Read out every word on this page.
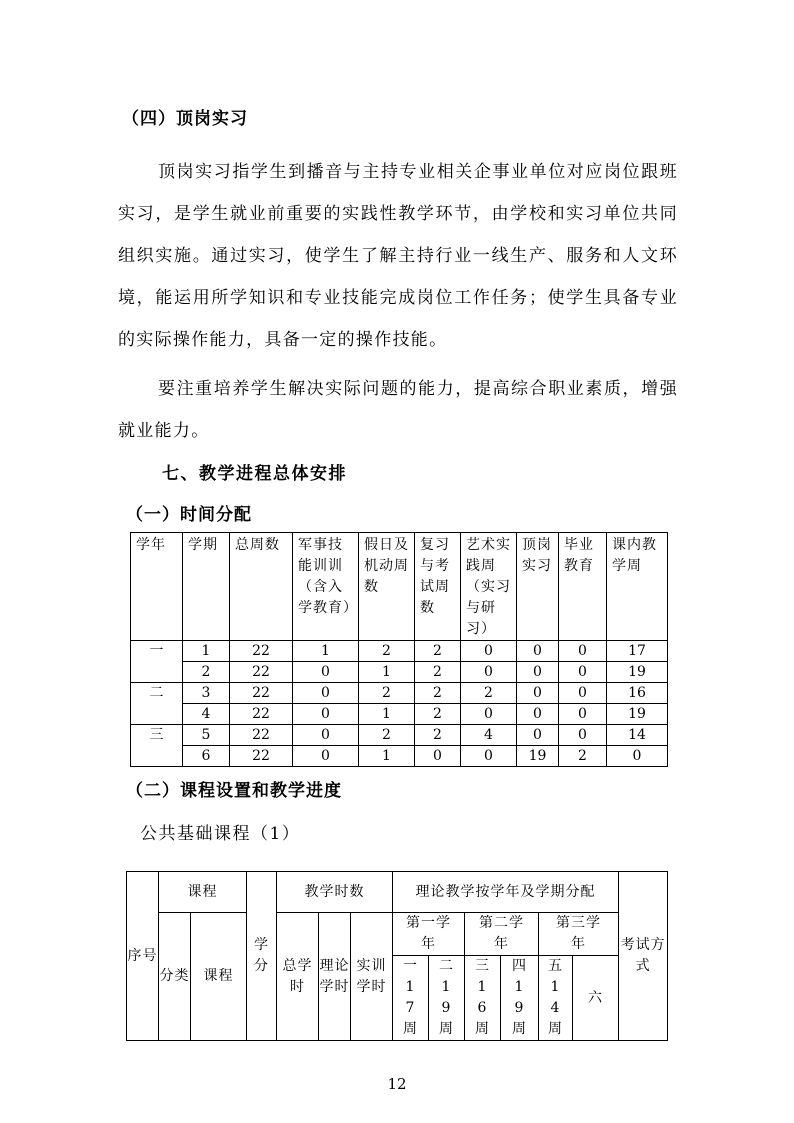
（四）顶岗实习

顶岗实习指学生到播音与主持专业相关企事业单位对应岗位跟班实习，是学生就业前重要的实践性教学环节，由学校和实习单位共同组织实施。通过实习，使学生了解主持行业一线生产、服务和人文环境，能运用所学知识和专业技能完成岗位工作任务；使学生具备专业的实际操作能力，具备一定的操作技能。

要注重培养学生解决实际问题的能力，提高综合职业素质，增强就业能力。

七、教学进程总体安排
（一）时间分配
学年	学期	总周数	军事技能训训（含入学教育）	假日及机动周数	复习与考试周数	艺术实践周（实习与研习）	顶岗实习	毕业教育	课内教学周
一	1	22	1	2	2	0	0	0	17
	2	22	0	1	2	0	0	0	19
二	3	22	0	2	2	2	0	0	16
	4	22	0	1	2	0	0	0	19
三	5	22	0	2	2	4	0	0	14
	6	22	0	1	0	0	19	2	0
（二）课程设置和教学进度
公共基础课程（1）
序号	课程		学分	教学时数			理论教学按学年及学期分配						考试方式
	分类	课程		总学时	理论学时	实训学时	第一学年		第二学年		第三学年		
							一17周	二19周	三16周	四19周	五14周	六	
12
